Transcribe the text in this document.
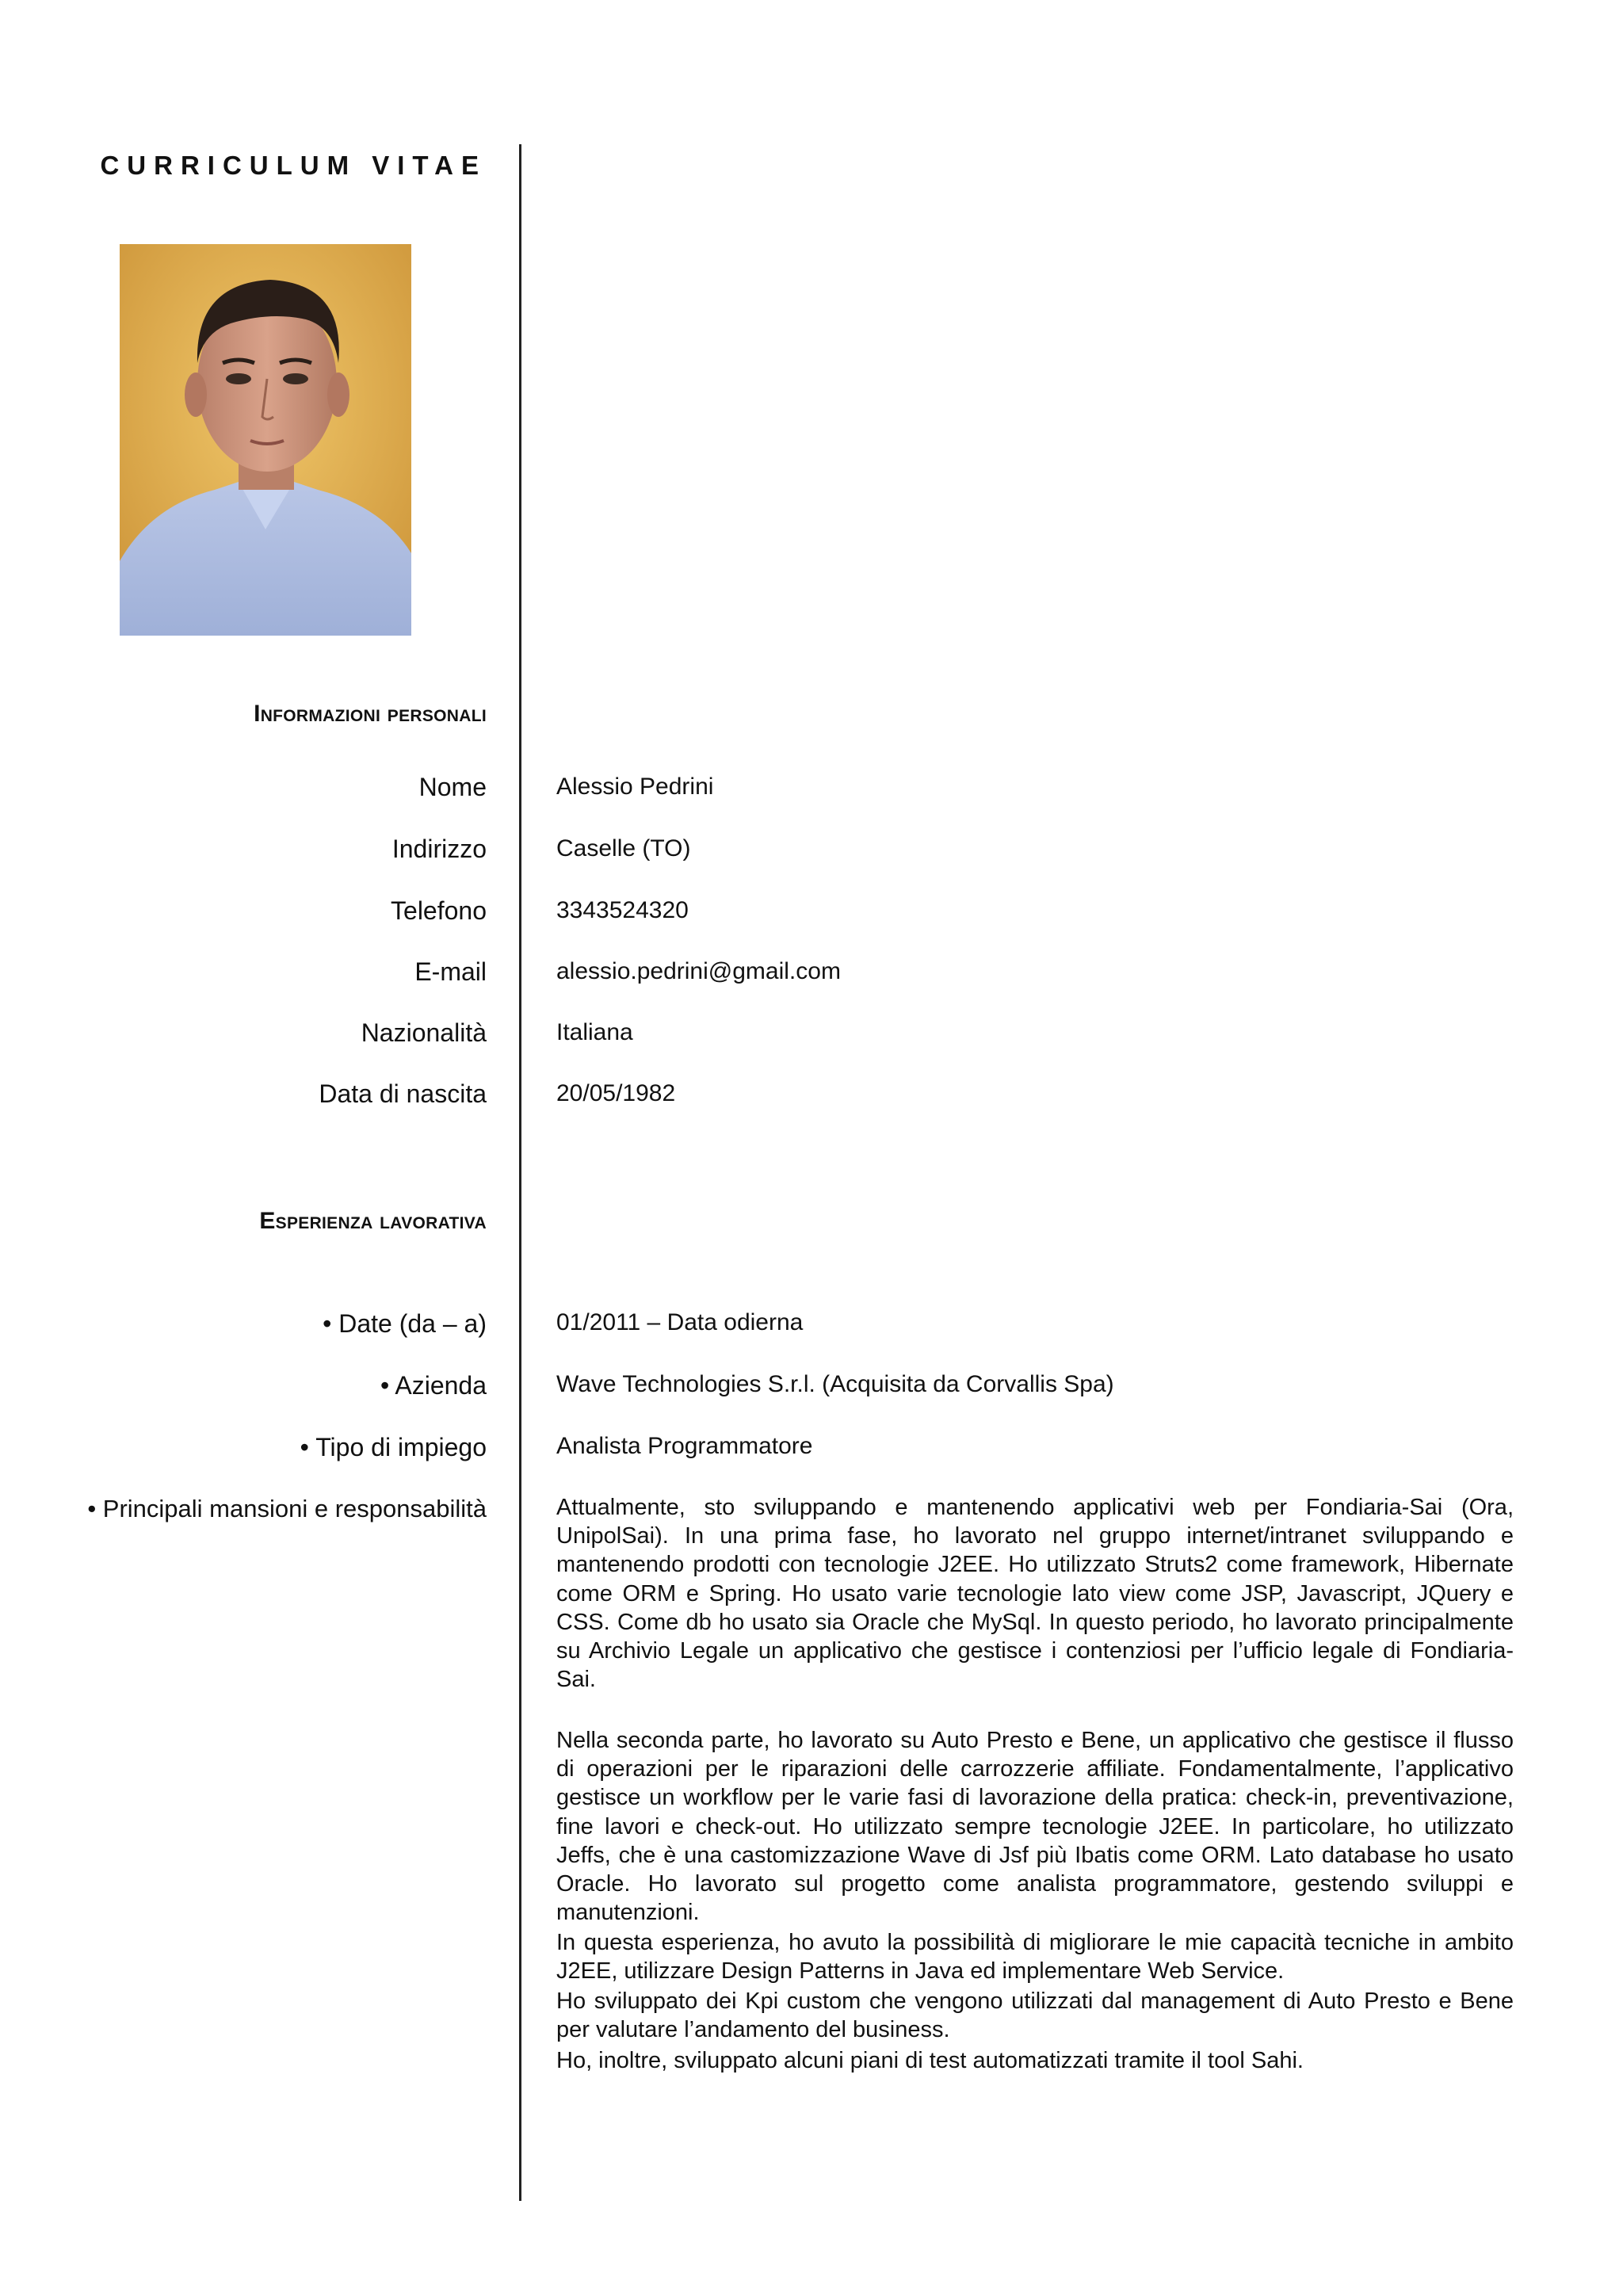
CURRICULUM VITAE
Informazioni personali
Nome	Alessio Pedrini
Indirizzo	Caselle (TO)
Telefono	3343524320
E-mail	alessio.pedrini@gmail.com
Nazionalità	Italiana
Data di nascita	20/05/1982
Esperienza lavorativa
• Date (da – a)	01/2011 – Data odierna
• Azienda	Wave Technologies S.r.l. (Acquisita da Corvallis Spa)
• Tipo di impiego	Analista Programmatore
• Principali mansioni e responsabilità	Attualmente, sto sviluppando e mantenendo applicativi web per Fondiaria-Sai (Ora, UnipolSai). In una prima fase, ho lavorato nel gruppo internet/intranet sviluppando e mantenendo prodotti con tecnologie J2EE. Ho utilizzato Struts2 come framework, Hibernate come ORM e Spring. Ho usato varie tecnologie lato view come JSP, Javascript, JQuery e CSS. Come db ho usato sia Oracle che MySql. In questo periodo, ho lavorato principalmente su Archivio Legale un applicativo che gestisce i contenziosi per l’ufficio legale di Fondiaria-Sai.

Nella seconda parte, ho lavorato su Auto Presto e Bene, un applicativo che gestisce il flusso di operazioni per le riparazioni delle carrozzerie affiliate. Fondamentalmente, l’applicativo gestisce un workflow per le varie fasi di lavorazione della pratica: check-in, preventivazione, fine lavori e check-out. Ho utilizzato sempre tecnologie J2EE. In particolare, ho utilizzato Jeffs, che è una castomizzazione Wave di Jsf più Ibatis come ORM. Lato database ho usato Oracle. Ho lavorato sul progetto come analista programmatore, gestendo sviluppi e manutenzioni.

In questa esperienza, ho avuto la possibilità di migliorare le mie capacità tecniche in ambito J2EE, utilizzare Design Patterns in Java ed implementare Web Service.

Ho sviluppato dei Kpi custom che vengono utilizzati dal management di Auto Presto e Bene per valutare l’andamento del business.

Ho, inoltre, sviluppato alcuni piani di test automatizzati tramite il tool Sahi.
